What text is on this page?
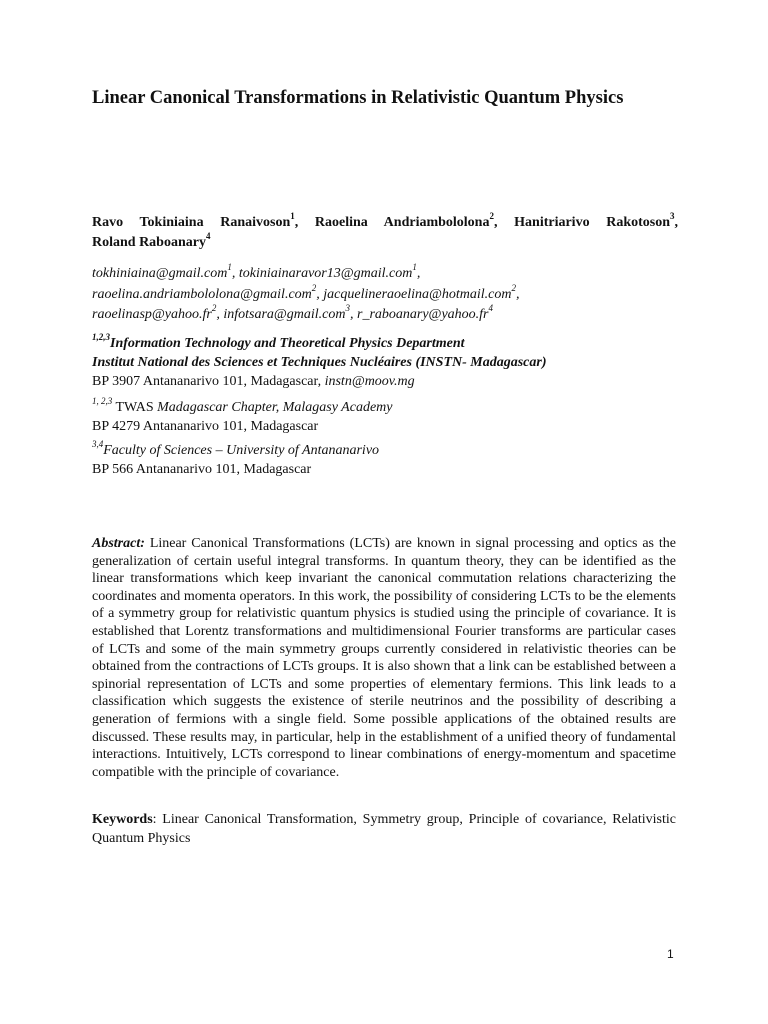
Linear Canonical Transformations in Relativistic Quantum Physics
Ravo Tokiniaina Ranaivoson$^1$, Raoelina Andriambololona$^2$, Hanitriarivo Rakotoson$^3$,
Roland Raboanary$^4$
tokhiniaina@gmail.com$^1$, tokiniainaravor13@gmail.com$^1$,
raoelina.andriambololona@gmail.com$^2$, jacquelineraoelina@hotmail.com$^2$,
$raoelinasp@yahoo.fr^2$, infotsara@gmail.com$^3$, $r\_raboanary@yahoo.fr^4$
$^{1,2,3}$Information Technology and Theoretical Physics Department
Institut National des Sciences et Techniques Nucléaires (INSTN- Madagascar)
BP 3907 Antananarivo 101, Madagascar, instn@moov.mg
$^{1, 2,3}$ TWAS Madagascar Chapter, Malagasy Academy
BP 4279 Antananarivo 101, Madagascar
$^{3,4}$Faculty of Sciences – University of Antananarivo
BP 566 Antananarivo 101, Madagascar
Abstract: Linear Canonical Transformations (LCTs) are known in signal processing and optics as the generalization of certain useful integral transforms. In quantum theory, they can be identified as the linear transformations which keep invariant the canonical commutation relations characterizing the coordinates and momenta operators. In this work, the possibility of considering LCTs to be the elements of a symmetry group for relativistic quantum physics is studied using the principle of covariance. It is established that Lorentz transformations and multidimensional Fourier transforms are particular cases of LCTs and some of the main symmetry groups currently considered in relativistic theories can be obtained from the contractions of LCTs groups. It is also shown that a link can be established between a spinorial representation of LCTs and some properties of elementary fermions. This link leads to a classification which suggests the existence of sterile neutrinos and the possibility of describing a generation of fermions with a single field. Some possible applications of the obtained results are discussed. These results may, in particular, help in the establishment of a unified theory of fundamental interactions. Intuitively, LCTs correspond to linear combinations of energy-momentum and spacetime compatible with the principle of covariance.
Keywords: Linear Canonical Transformation, Symmetry group, Principle of covariance, Relativistic Quantum Physics
1
